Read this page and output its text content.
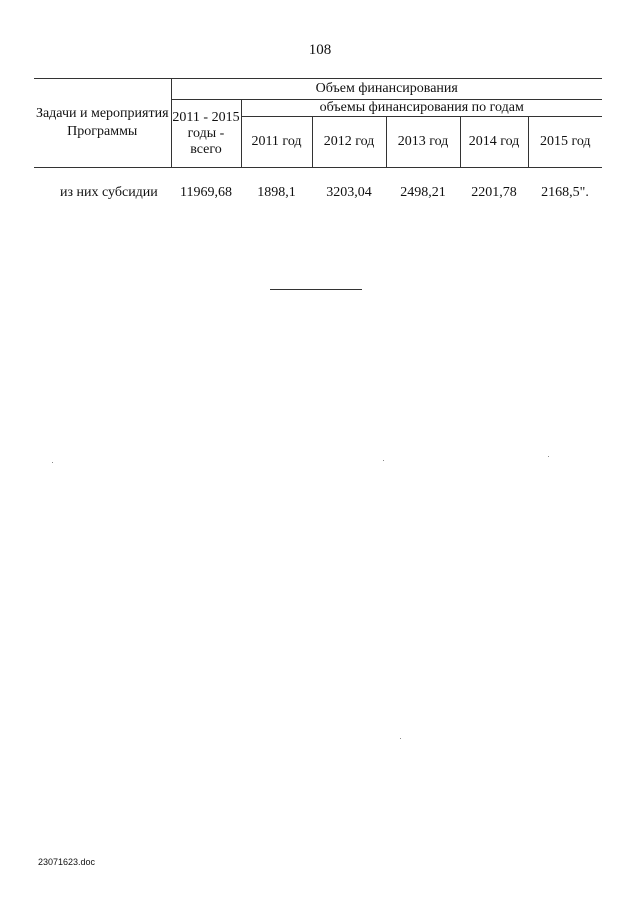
108
Задачи и мероприятия Программы	Объем финансирования					
	2011 - 2015 годы - всего	объемы финансирования по годам				
		2011 год	2012 год	2013 год	2014 год	2015 год

из них субсидии	11969,68	1898,1	3203,04	2498,21	2201,78	2168,5".
23071623.doc
